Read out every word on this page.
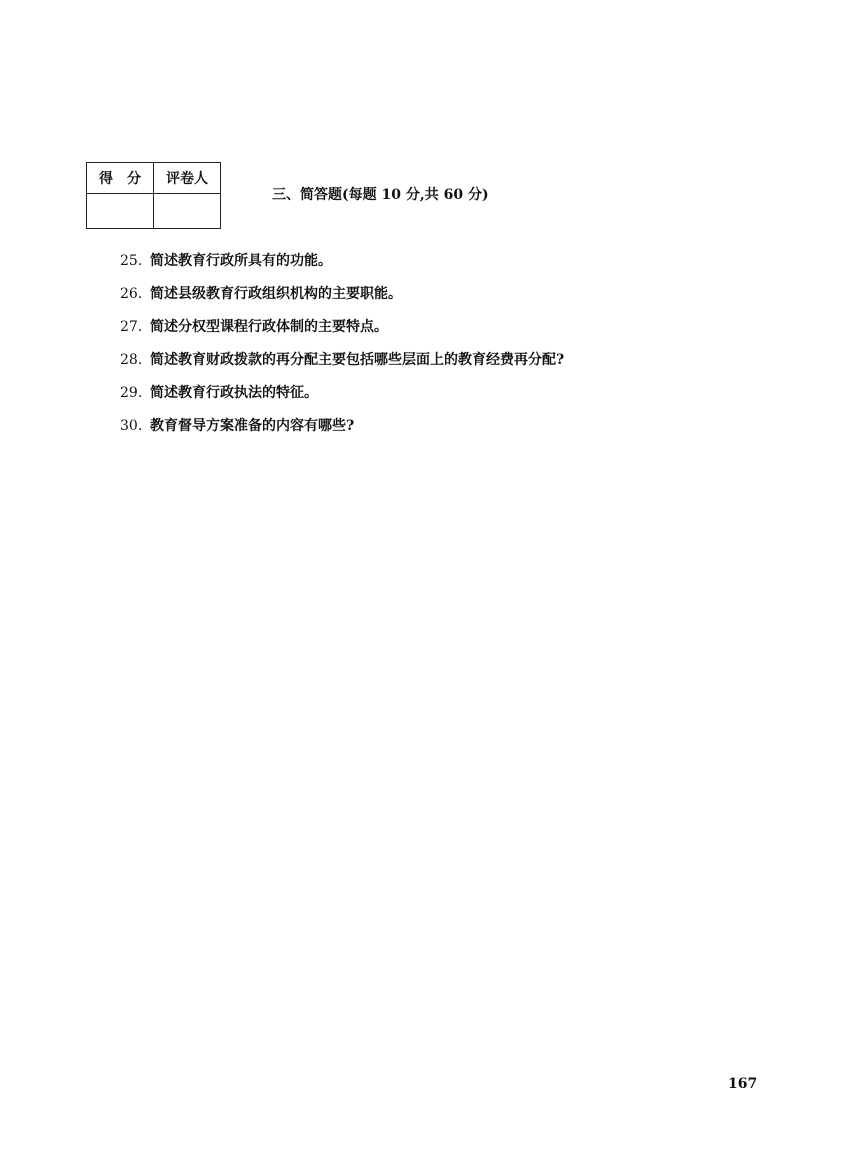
得　分	评卷人

三、简答题(每题 10 分,共 60 分)
25. 简述教育行政所具有的功能。
26. 简述县级教育行政组织机构的主要职能。
27. 简述分权型课程行政体制的主要特点。
28. 简述教育财政拨款的再分配主要包括哪些层面上的教育经费再分配?
29. 简述教育行政执法的特征。
30. 教育督导方案准备的内容有哪些?
167
